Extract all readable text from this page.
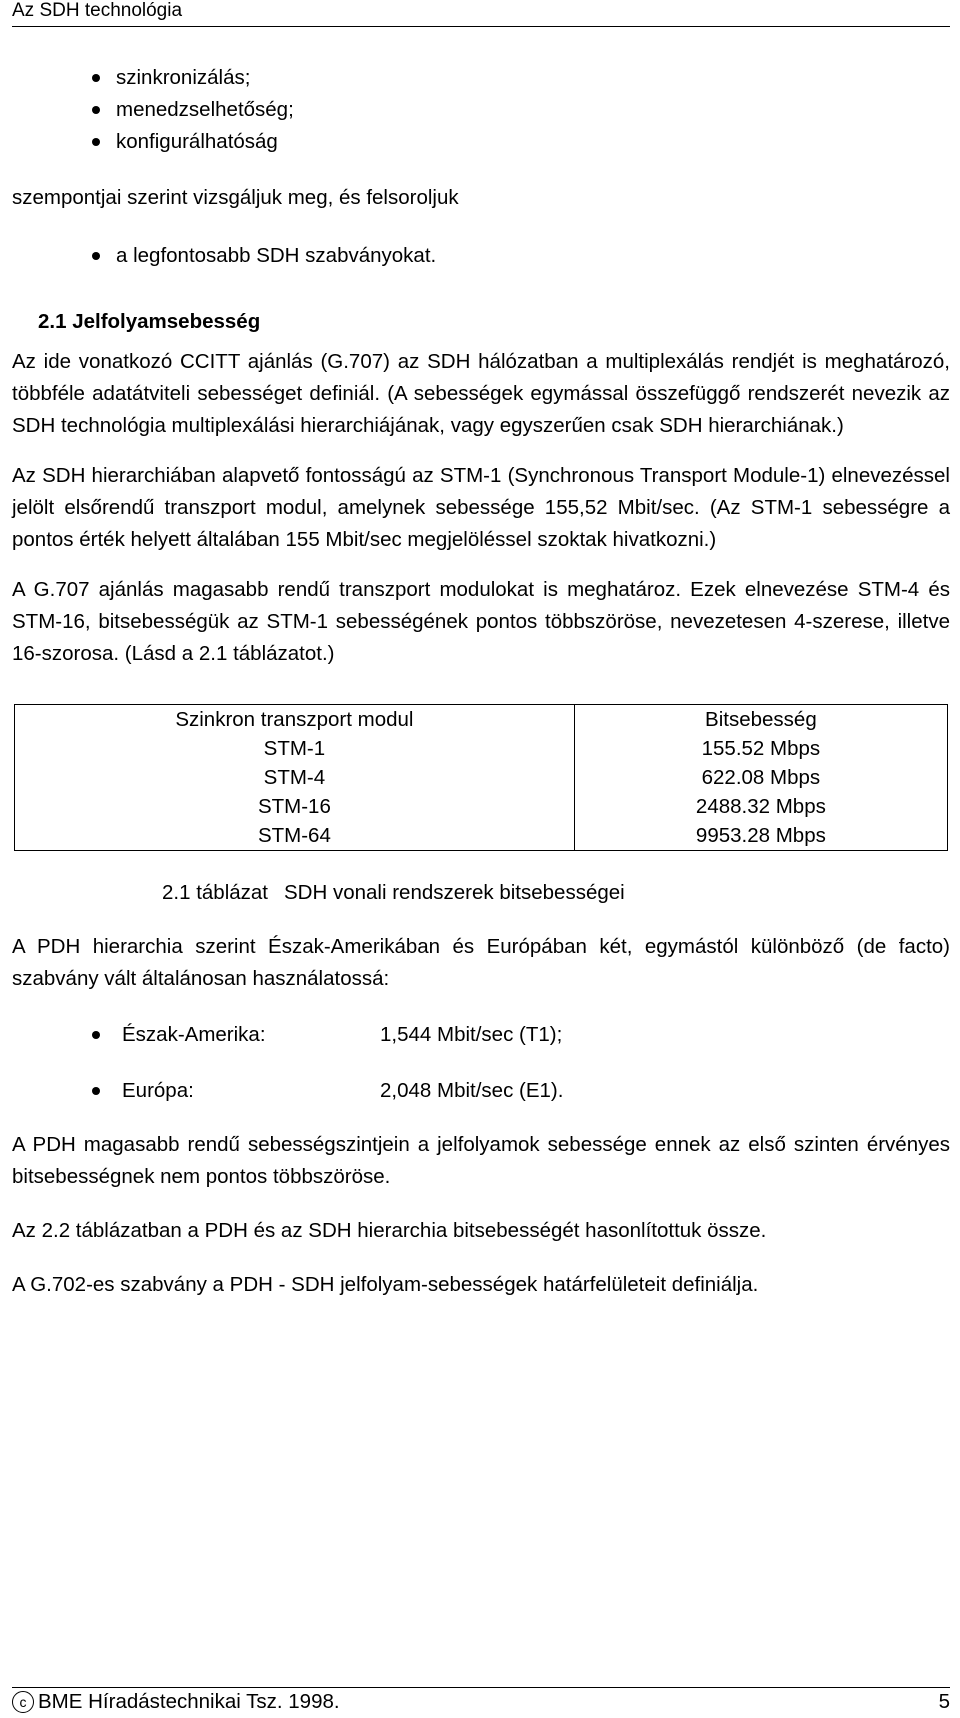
Az SDH technológia
szinkronizálás;
menedzselhetőség;
konfigurálhatóság

szempontjai szerint vizsgáljuk meg, és felsoroljuk

a legfontosabb SDH szabványokat.

2.1 Jelfolyamsebesség

Az ide vonatkozó CCITT ajánlás (G.707) az SDH hálózatban a multiplexálás rendjét is meghatározó, többféle adatátviteli sebességet definiál. (A sebességek egymással összefüggő rendszerét nevezik az SDH technológia multiplexálási hierarchiájának, vagy egyszerűen csak SDH hierarchiának.)

Az SDH hierarchiában alapvető fontosságú az STM-1 (Synchronous Transport Module-1) elnevezéssel jelölt elsőrendű transzport modul, amelynek sebessége 155,52 Mbit/sec. (Az STM-1 sebességre a pontos érték helyett általában 155 Mbit/sec megjelöléssel szoktak hivatkozni.)

A G.707 ajánlás magasabb rendű transzport modulokat is meghatároz. Ezek elnevezése STM-4 és STM-16, bitsebességük az STM-1 sebességének pontos többszöröse, nevezetesen 4-szerese, illetve 16-szorosa. (Lásd a 2.1 táblázatot.)

Szinkron transzport modul	Bitsebesség
STM-1	155.52 Mbps
STM-4	622.08 Mbps
STM-16	2488.32 Mbps
STM-64	9953.28 Mbps

2.1 táblázat SDH vonali rendszerek bitsebességei

A PDH hierarchia szerint Észak-Amerikában és Európában két, egymástól különböző (de facto) szabvány vált általánosan használatossá:

Észak-Amerika:	1,544 Mbit/sec (T1);
Európa:	2,048 Mbit/sec (E1).

A PDH magasabb rendű sebességszintjein a jelfolyamok sebessége ennek az első szinten érvényes bitsebességnek nem pontos többszöröse.

Az 2.2 táblázatban a PDH és az SDH hierarchia bitsebességét hasonlítottuk össze.

A G.702-es szabvány a PDH - SDH jelfolyam-sebességek határfelületeit definiálja.

c BME Híradástechnikai Tsz. 1998.	5
